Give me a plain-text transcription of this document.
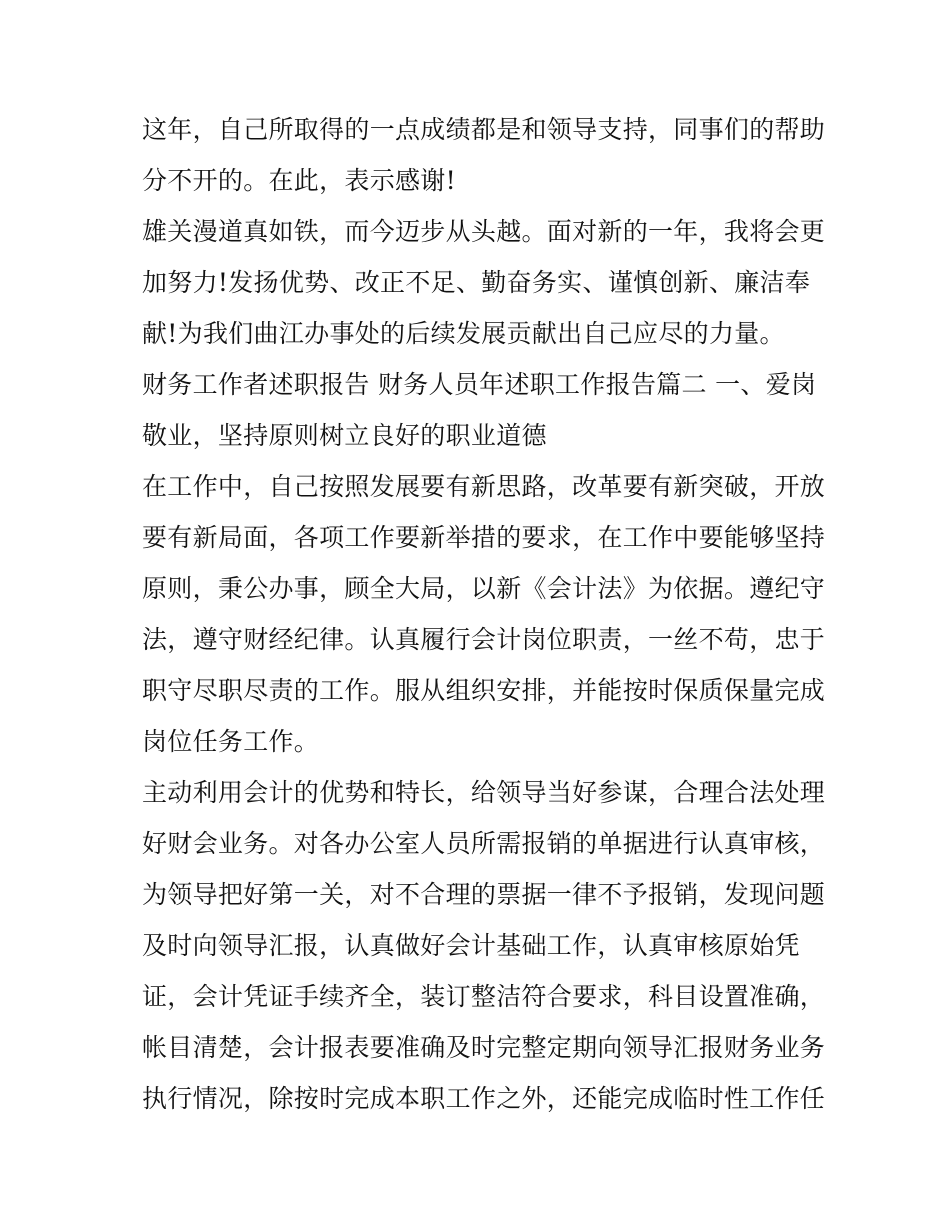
这年，自己所取得的一点成绩都是和领导支持，同事们的帮助
分不开的。在此，表示感谢!
雄关漫道真如铁，而今迈步从头越。面对新的一年，我将会更
加努力!发扬优势、改正不足、勤奋务实、谨慎创新、廉洁奉
献!为我们曲江办事处的后续发展贡献出自己应尽的力量。
财务工作者述职报告 财务人员年述职工作报告篇二 一、爱岗
敬业，坚持原则树立良好的职业道德
在工作中，自己按照发展要有新思路，改革要有新突破，开放
要有新局面，各项工作要新举措的要求，在工作中要能够坚持
原则，秉公办事，顾全大局，以新《会计法》为依据。遵纪守
法，遵守财经纪律。认真履行会计岗位职责，一丝不苟，忠于
职守尽职尽责的工作。服从组织安排，并能按时保质保量完成
岗位任务工作。
主动利用会计的优势和特长，给领导当好参谋，合理合法处理
好财会业务。对各办公室人员所需报销的单据进行认真审核，
为领导把好第一关，对不合理的票据一律不予报销，发现问题
及时向领导汇报，认真做好会计基础工作，认真审核原始凭
证，会计凭证手续齐全，装订整洁符合要求，科目设置准确，
帐目清楚，会计报表要准确及时完整定期向领导汇报财务业务
执行情况，除按时完成本职工作之外，还能完成临时性工作任
